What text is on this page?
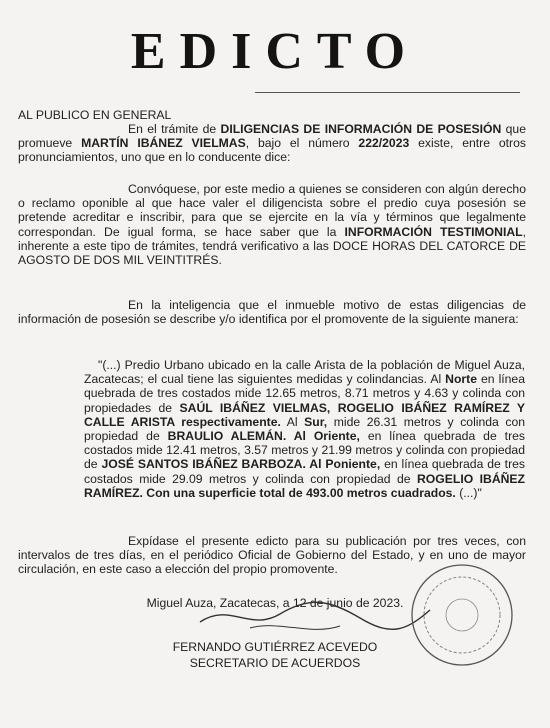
EDICTO
AL PUBLICO EN GENERAL
En el trámite de DILIGENCIAS DE INFORMACIÓN DE POSESIÓN que promueve MARTÍN IBÁNEZ VIELMAS, bajo el número 222/2023 existe, entre otros pronunciamientos, uno que en lo conducente dice:
Convóquese, por este medio a quienes se consideren con algún derecho o reclamo oponible al que hace valer el diligencista sobre el predio cuya posesión se pretende acreditar e inscribir, para que se ejercite en la vía y términos que legalmente correspondan. De igual forma, se hace saber que la INFORMACIÓN TESTIMONIAL, inherente a este tipo de trámites, tendrá verificativo a las DOCE HORAS DEL CATORCE DE AGOSTO DE DOS MIL VEINTITRÉS.
En la inteligencia que el inmueble motivo de estas diligencias de información de posesión se describe y/o identifica por el promovente de la siguiente manera:
"(...) Predio Urbano ubicado en la calle Arista de la población de Miguel Auza, Zacatecas; el cual tiene las siguientes medidas y colindancias. Al Norte en línea quebrada de tres costados mide 12.65 metros, 8.71 metros y 4.63 y colinda con propiedades de SAÚL IBÁÑEZ VIELMAS, ROGELIO IBÁÑEZ RAMÍREZ Y CALLE ARISTA respectivamente. Al Sur, mide 26.31 metros y colinda con propiedad de BRAULIO ALEMÁN. Al Oriente, en línea quebrada de tres costados mide 12.41 metros, 3.57 metros y 21.99 metros y colinda con propiedad de JOSÉ SANTOS IBÁÑEZ BARBOZA. Al Poniente, en línea quebrada de tres costados mide 29.09 metros y colinda con propiedad de ROGELIO IBÁÑEZ RAMÍREZ. Con una superficie total de 493.00 metros cuadrados. (...)"
Expídase el presente edicto para su publicación por tres veces, con intervalos de tres días, en el periódico Oficial de Gobierno del Estado, y en uno de mayor circulación, en este caso a elección del propio promovente.
Miguel Auza, Zacatecas, a 12 de junio de 2023.
FERNANDO GUTIÉRREZ ACEVEDO
SECRETARIO DE ACUERDOS
